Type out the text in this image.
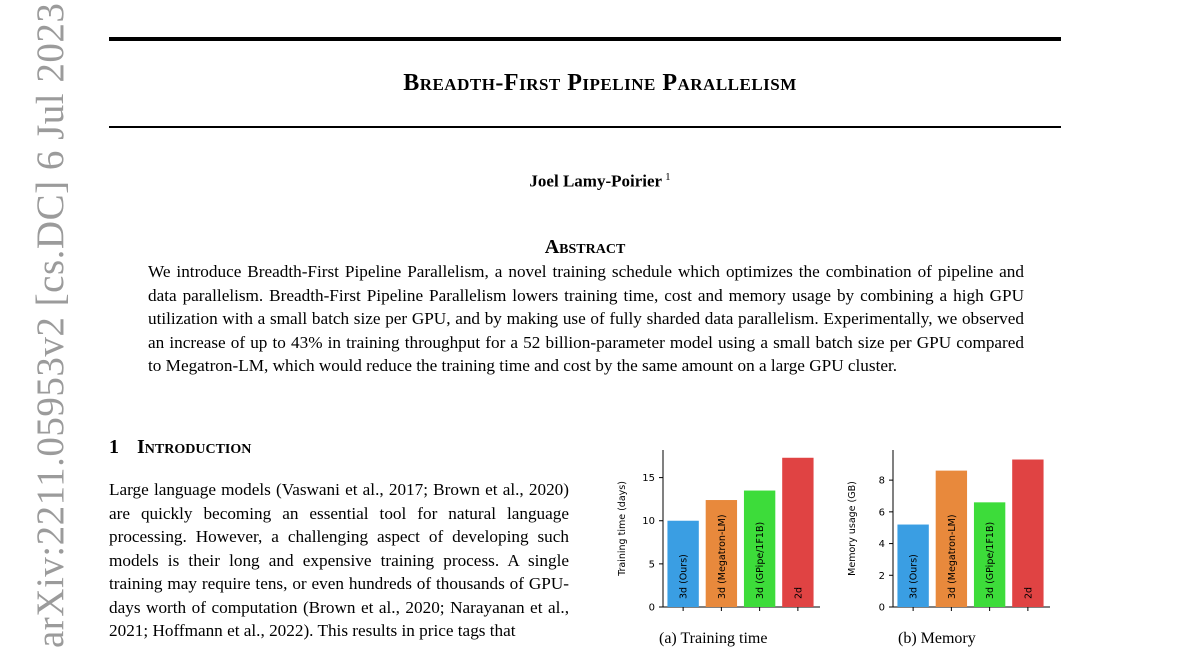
Breadth-First Pipeline Parallelism
Joel Lamy-Poirier $^1$
Abstract
We introduce Breadth-First Pipeline Parallelism, a novel training schedule which optimizes the combination of pipeline and data parallelism. Breadth-First Pipeline Parallelism lowers training time, cost and memory usage by combining a high GPU utilization with a small batch size per GPU, and by making use of fully sharded data parallelism. Experimentally, we observed an increase of up to 43% in training throughput for a 52 billion-parameter model using a small batch size per GPU compared to Megatron-LM, which would reduce the training time and cost by the same amount on a large GPU cluster.
arXiv:2211.05953v2 [cs.DC] 6 Jul 2023 1 Introduction
Large language models (Vaswani et al., 2017; Brown et al., 2020) are quickly becoming an essential tool for natural language processing. However, a challenging aspect of developing such models is their long and expensive training process. A single training may require tens, or even hundreds of thousands of GPU-days worth of computation (Brown et al., 2020; Narayanan et al., 2021; Hoffmann et al., 2022). This results in price tags that
0
5
10
15
Training time (days)
3d (Ours)	3d (Megatron-LM)	3d (GPipe/1F1B)	2d
0
2
4
6
8
Memory usage (GB)
3d (Ours)	3d (Megatron-LM)	3d (GPipe/1F1B)	2d
(a) Training time	(b) Memory
